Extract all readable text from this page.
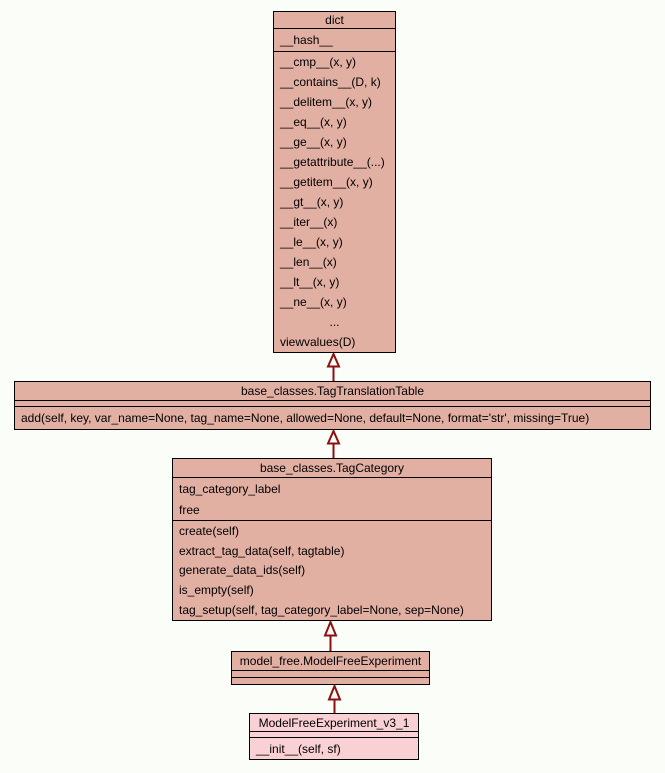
dict
__hash__
__cmp__(x, y)
__contains__(D, k)
__delitem__(x, y)
__eq__(x, y)
__ge__(x, y)
__getattribute__(...)
__getitem__(x, y)
__gt__(x, y)
__iter__(x)
__le__(x, y)
__len__(x)
__lt__(x, y)
__ne__(x, y)
...
viewvalues(D)
base_classes.TagTranslationTable
add(self, key, var_name=None, tag_name=None, allowed=None, default=None, format='str', missing=True)
base_classes.TagCategory
tag_category_label
free
create(self)
extract_tag_data(self, tagtable)
generate_data_ids(self)
is_empty(self)
tag_setup(self, tag_category_label=None, sep=None)
model_free.ModelFreeExperiment
ModelFreeExperiment_v3_1
__init__(self, sf)
